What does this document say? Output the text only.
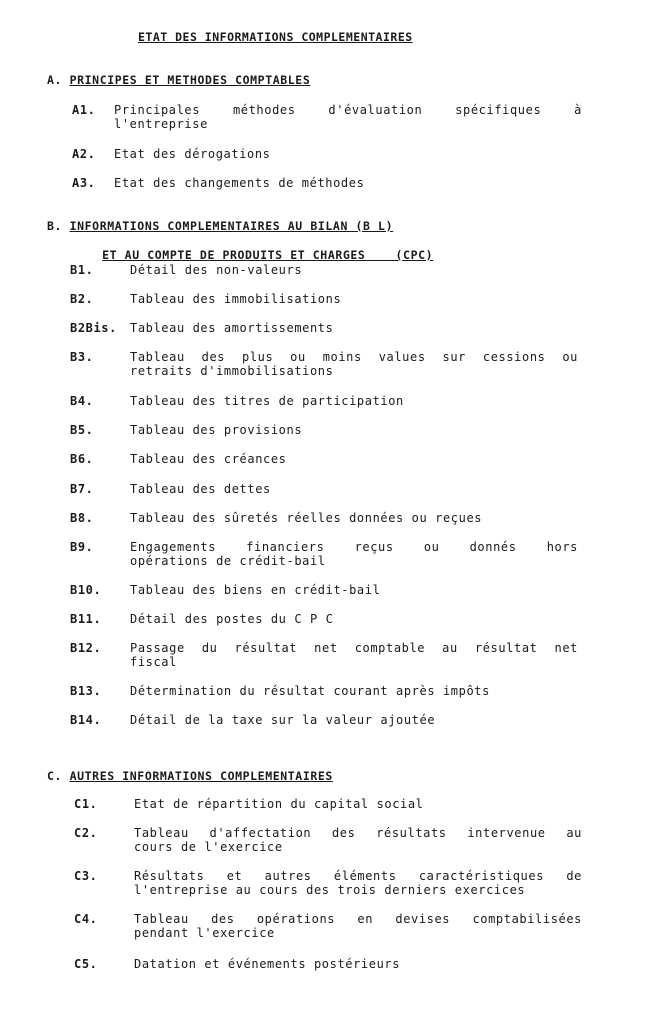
ETAT DES INFORMATIONS COMPLEMENTAIRES
A. PRINCIPES ET METHODES COMPTABLES
A1.	Principales méthodes d'évaluation spécifiques à
l'entreprise
A2.	Etat des dérogations
A3.	Etat des changements de méthodes
B. INFORMATIONS COMPLEMENTAIRES AU BILAN (B L)

ET AU COMPTE DE PRODUITS ET CHARGES    (CPC)

B1.	Détail des non-valeurs
B2.	Tableau des immobilisations
B2Bis.	Tableau des amortissements
B3.	Tableau des plus ou moins values sur cessions ou
retraits d'immobilisations
B4.	Tableau des titres de participation
B5.	Tableau des provisions
B6.	Tableau des créances
B7.	Tableau des dettes
B8.	Tableau des sûretés réelles données ou reçues
B9.	Engagements financiers reçus ou donnés hors
opérations de crédit-bail
B10.	Tableau des biens en crédit-bail
B11.	Détail des postes du C P C
B12.	Passage du résultat net comptable au résultat net
fiscal
B13.	Détermination du résultat courant après impôts
B14.	Détail de la taxe sur la valeur ajoutée
C. AUTRES INFORMATIONS COMPLEMENTAIRES
C1.	Etat de répartition du capital social
C2.	Tableau d'affectation des résultats intervenue au
cours de l'exercice
C3.	Résultats et autres éléments caractéristiques de
l'entreprise au cours des trois derniers exercices
C4.	Tableau des opérations en devises comptabilisées
pendant l'exercice
C5.	Datation et événements postérieurs
